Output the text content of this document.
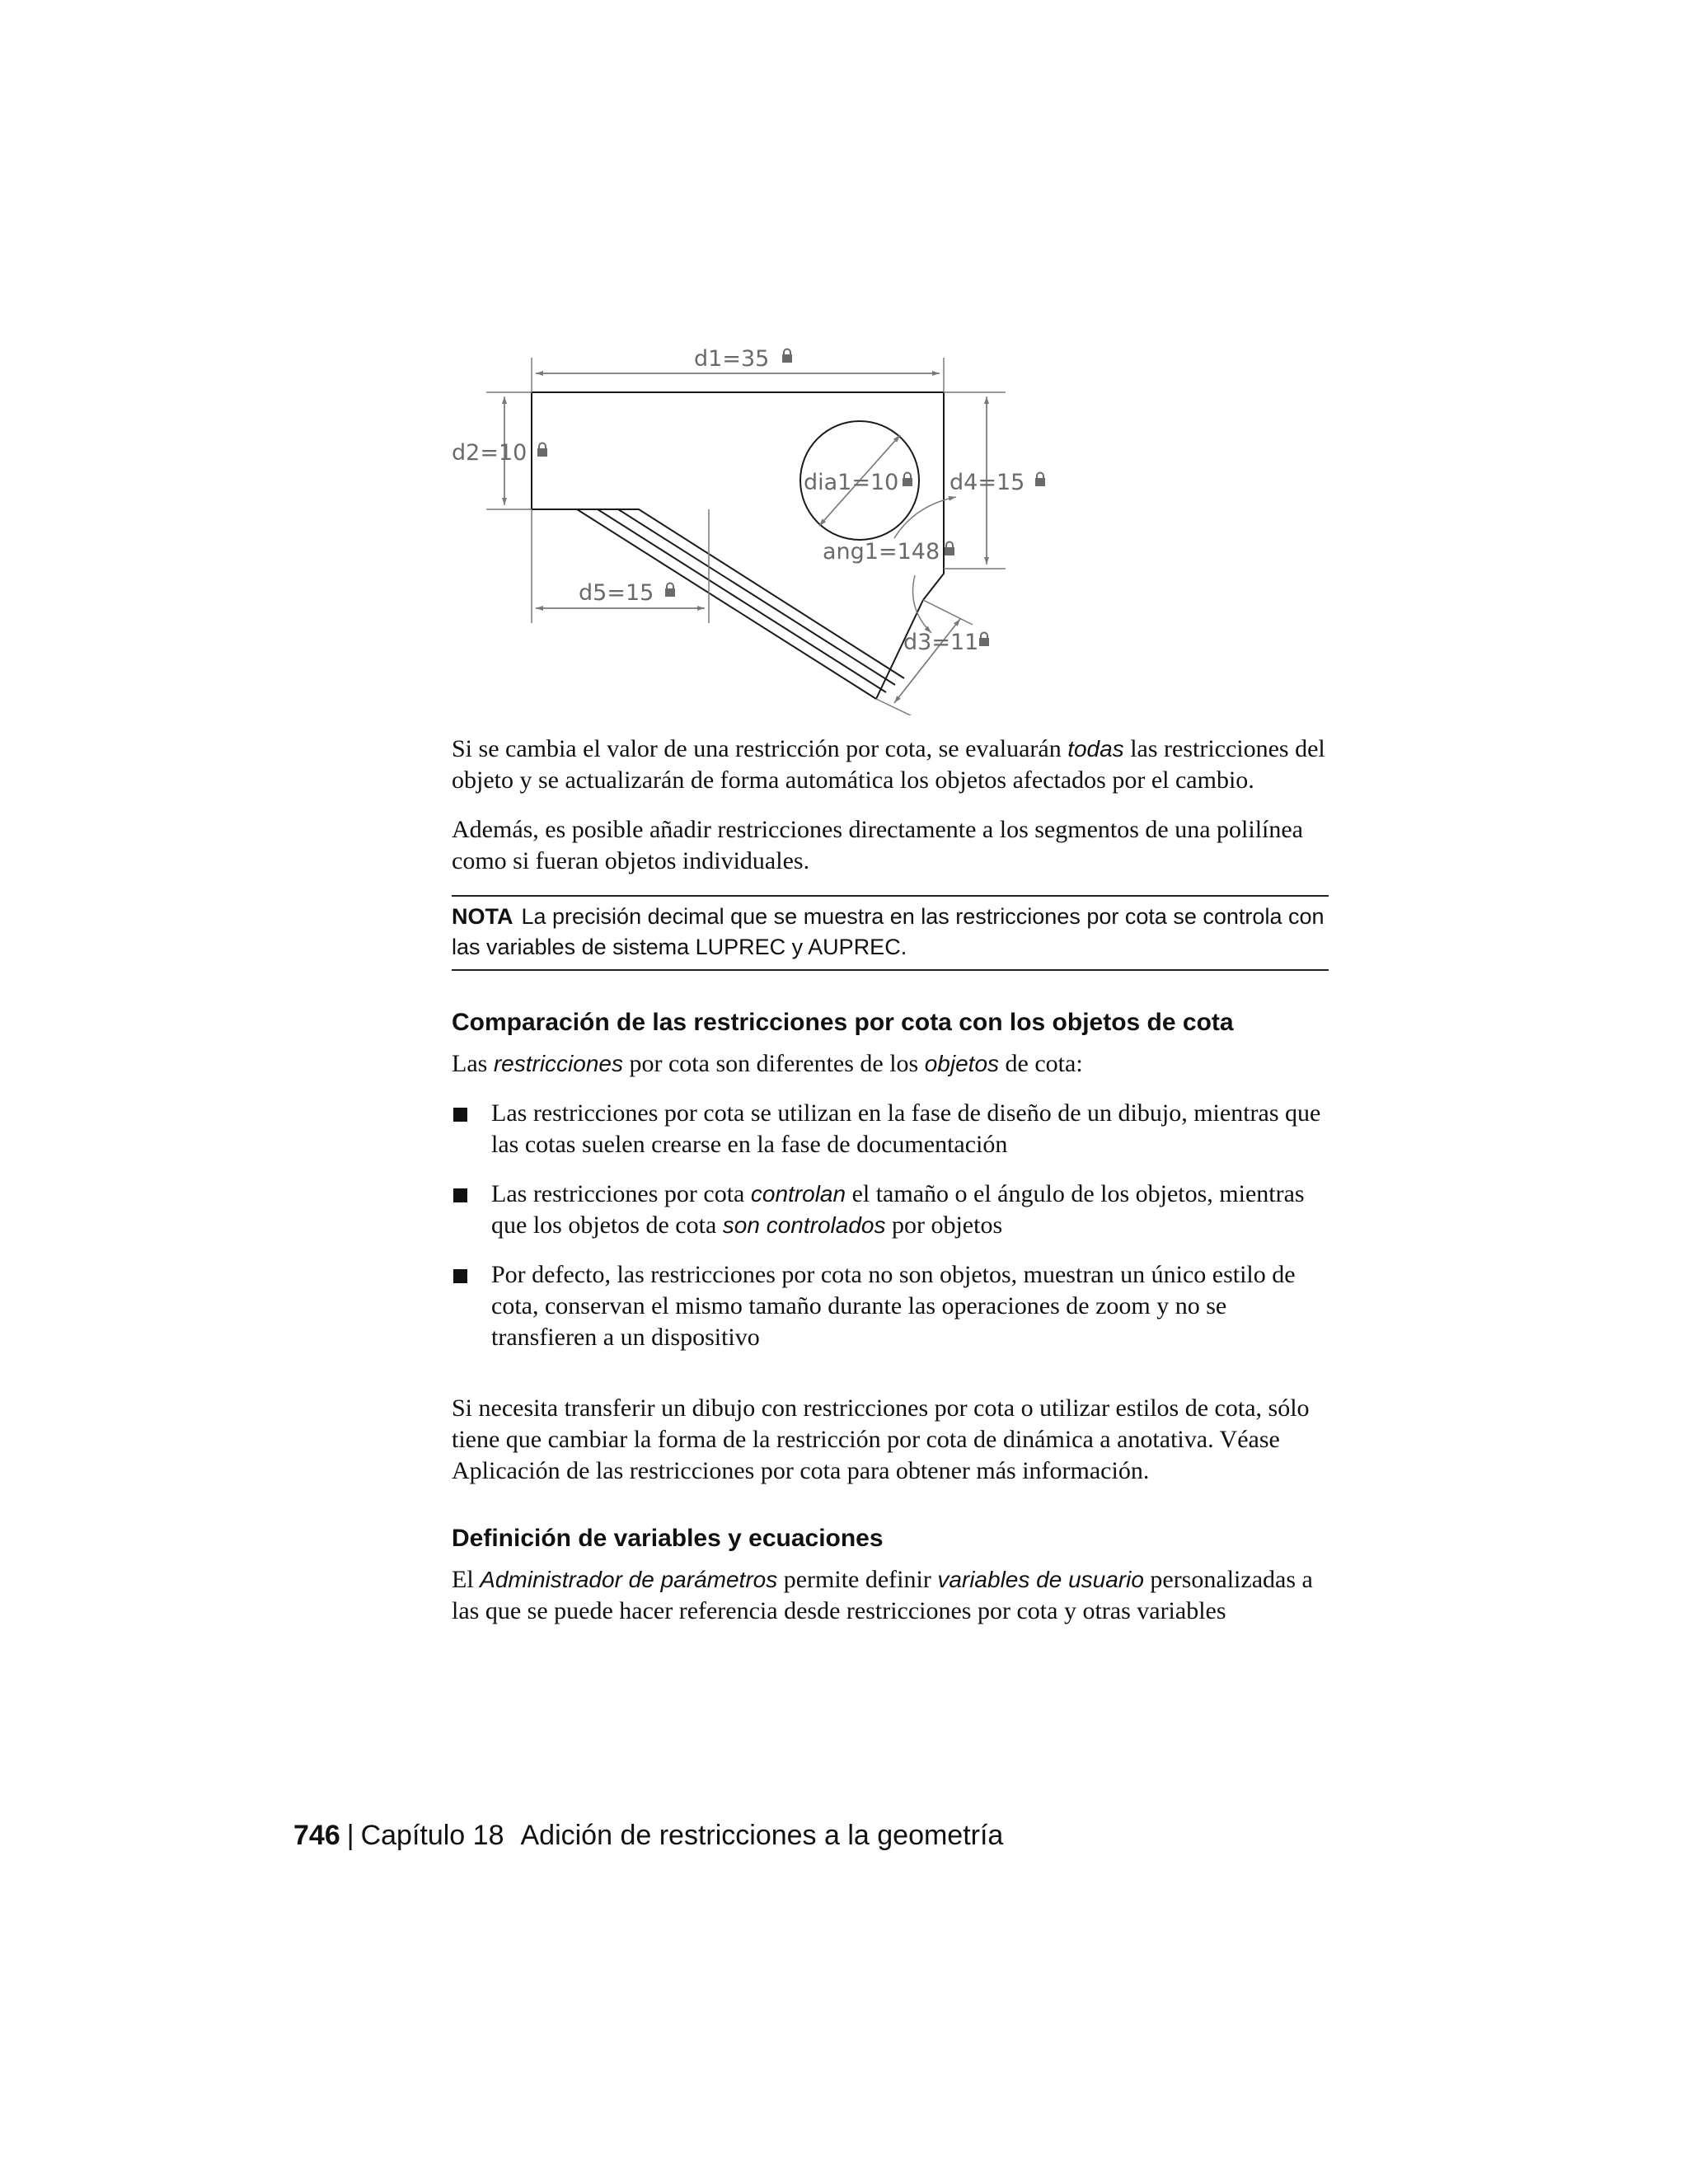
d1=35
d2=10
dia1=10 d4=15
ang1=148
d5=15
d3=11

Si se cambia el valor de una restricción por cota, se evaluarán todas las restricciones del objeto y se actualizarán de forma automática los objetos afectados por el cambio.

Además, es posible añadir restricciones directamente a los segmentos de una polilínea como si fueran objetos individuales.

NOTA La precisión decimal que se muestra en las restricciones por cota se controla con las variables de sistema LUPREC y AUPREC.
Comparación de las restricciones por cota con los objetos de cota

Las restricciones por cota son diferentes de los objetos de cota:

Las restricciones por cota se utilizan en la fase de diseño de un dibujo, mientras que las cotas suelen crearse en la fase de documentación
Las restricciones por cota controlan el tamaño o el ángulo de los objetos, mientras que los objetos de cota son controlados por objetos
Por defecto, las restricciones por cota no son objetos, muestran un único estilo de cota, conservan el mismo tamaño durante las operaciones de zoom y no se transfieren a un dispositivo

Si necesita transferir un dibujo con restricciones por cota o utilizar estilos de cota, sólo tiene que cambiar la forma de la restricción por cota de dinámica a anotativa. Véase Aplicación de las restricciones por cota para obtener más información.

Definición de variables y ecuaciones

El Administrador de parámetros permite definir variables de usuario personalizadas a las que se puede hacer referencia desde restricciones por cota y otras variables

746 | Capítulo 18 Adición de restricciones a la geometría
